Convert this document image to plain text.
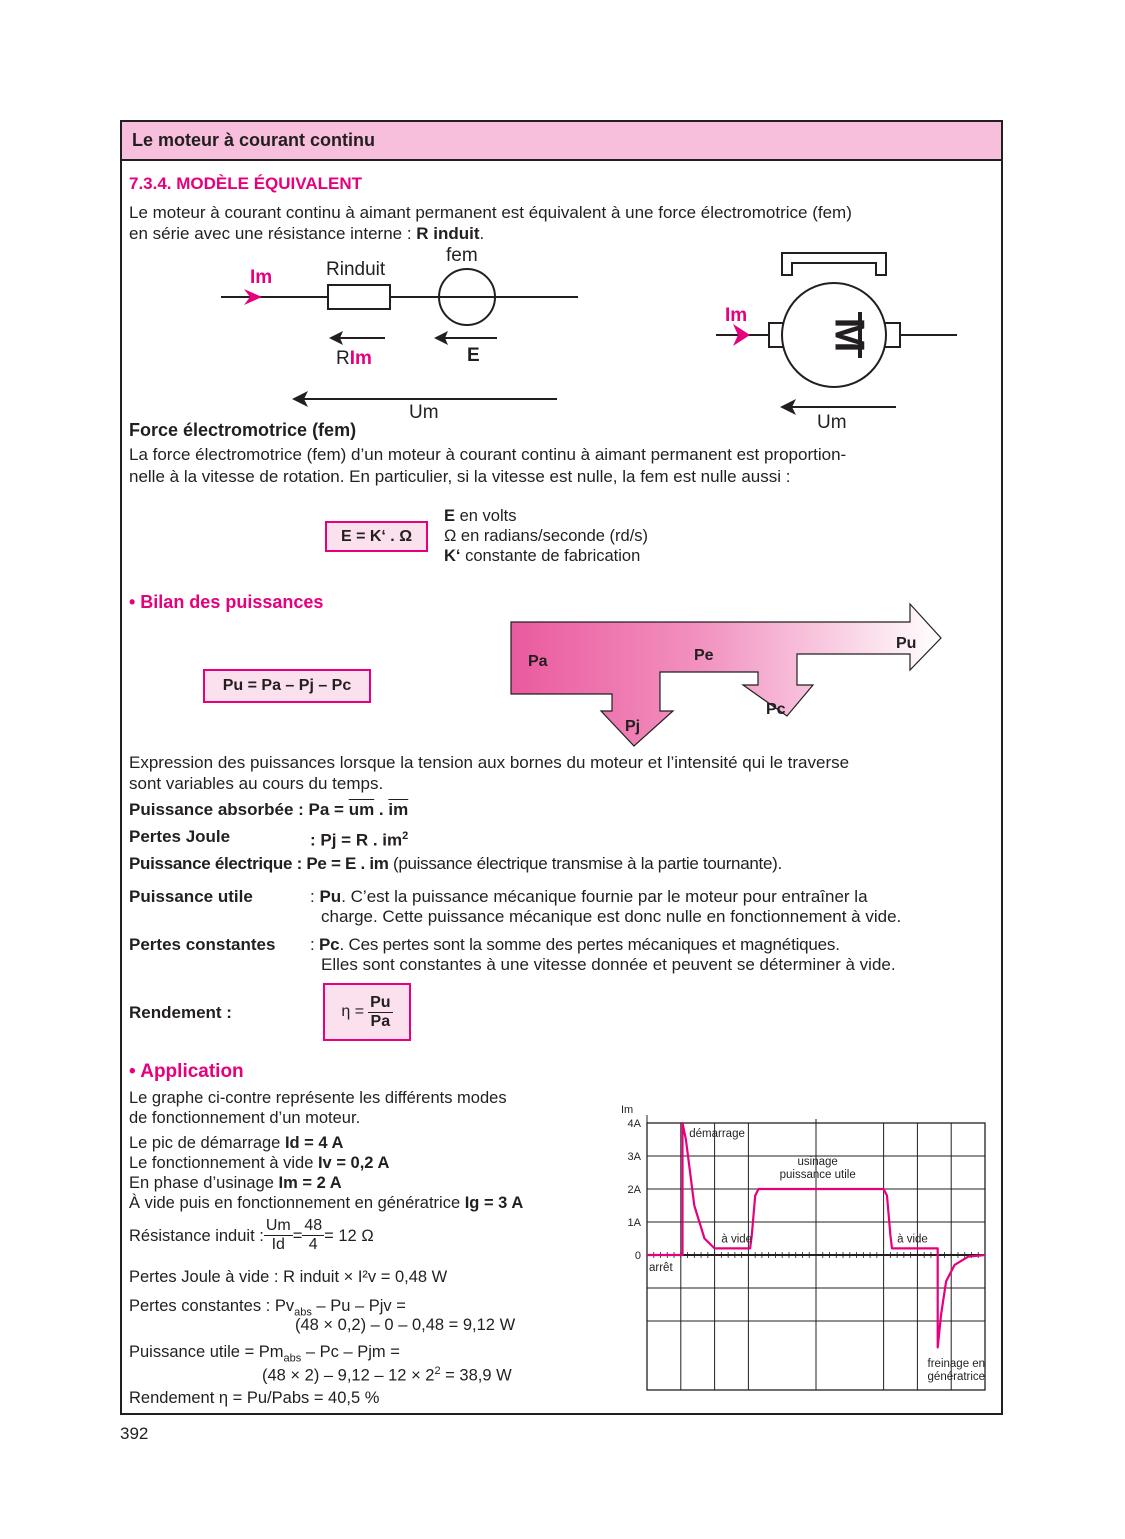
Le moteur à courant continu
7.3.4. MODÈLE ÉQUIVALENT
Le moteur à courant continu à aimant permanent est équivalent à une force électromotrice (fem)
en série avec une résistance interne : R induit.
Im	Rinduit
fem
RIm	E
Um
M
Im
Um
Force électromotrice (fem)
La force électromotrice (fem) d’un moteur à courant continu à aimant permanent est proportion-
nelle à la vitesse de rotation. En particulier, si la vitesse est nulle, la fem est nulle aussi :
E = K‘ . Ω
E en volts
Ω en radians/seconde (rd/s)
K‘ constante de fabrication
• Bilan des puissances
Pu = Pa – Pj – Pc
Pa	Pe
Pu
Pj
Pc
Expression des puissances lorsque la tension aux bornes du moteur et l’intensité qui le traverse
sont variables au cours du temps.
Puissance absorbée : $Pa = \overline{um}$ . $\overline{im}$
Pertes Joule	: Pj = R . $im^2$
Puissance électrique : Pe = E . im (puissance électrique transmise à la partie tournante).
Puissance utile	: Pu. C’est la puissance mécanique fournie par le moteur pour entraîner la
charge. Cette puissance mécanique est donc nulle en fonctionnement à vide.
Pertes constantes : Pc. Ces pertes sont la somme des pertes mécaniques et magnétiques.
Elles sont constantes à une vitesse donnée et peuvent se déterminer à vide.
Rendement :	$\eta = \frac{Pu}{Pa}$
• Application
Le graphe ci-contre représente les différents modes
de fonctionnement d’un moteur.
Le pic de démarrage Id = 4 A
Le fonctionnement à vide Iv = 0,2 A
En phase d’usinage Im = 2 A
À vide puis en fonctionnement en génératrice Ig = 3 A
Résistance induit : $\frac{Um}{Id} = \frac{48}{4} = 12$ Ω
Pertes Joule à vide : R induit × I²v = 0,48 W
Pertes constantes : $Pv_{abs}$ – Pu – Pjv =
(48 × 0,2) – 0 – 0,48 = 9,12 W
Puissance utile = $Pm_{abs}$ – Pc – Pjm =
$(48 \times 2) - 9,12 - 12 \times 2^2 = 38,9$ W
Rendement η = Pu/Pabs = 40,5 %
0
1A
2A
3A
4A
Im
démarrage
à vide
usinage
puissance utile
à vide
arrêt
freinage en
génératrice
392
